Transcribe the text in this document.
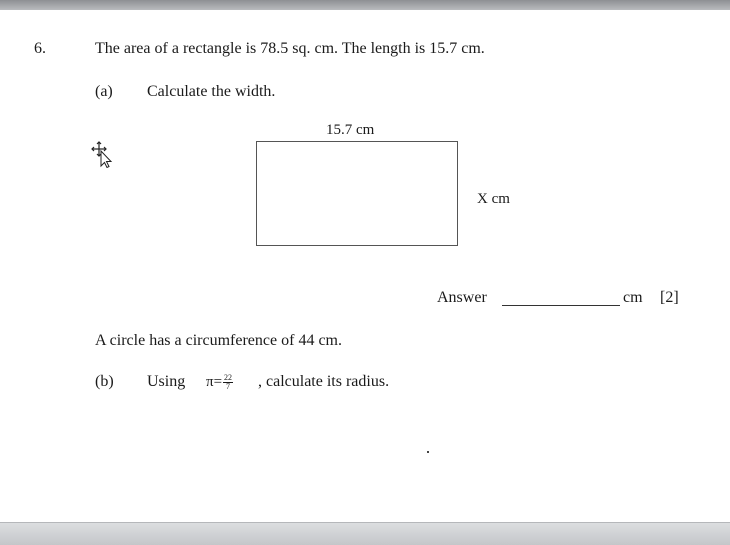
6.	The area of a rectangle is 78.5 sq. cm. The length is 15.7 cm.
(a) Calculate the width.
15.7 cm
X cm
Answer	cm [2]
A circle has a circumference of 44 cm.
(b) Using $\pi = \frac{22}{7}$ , calculate its radius.
